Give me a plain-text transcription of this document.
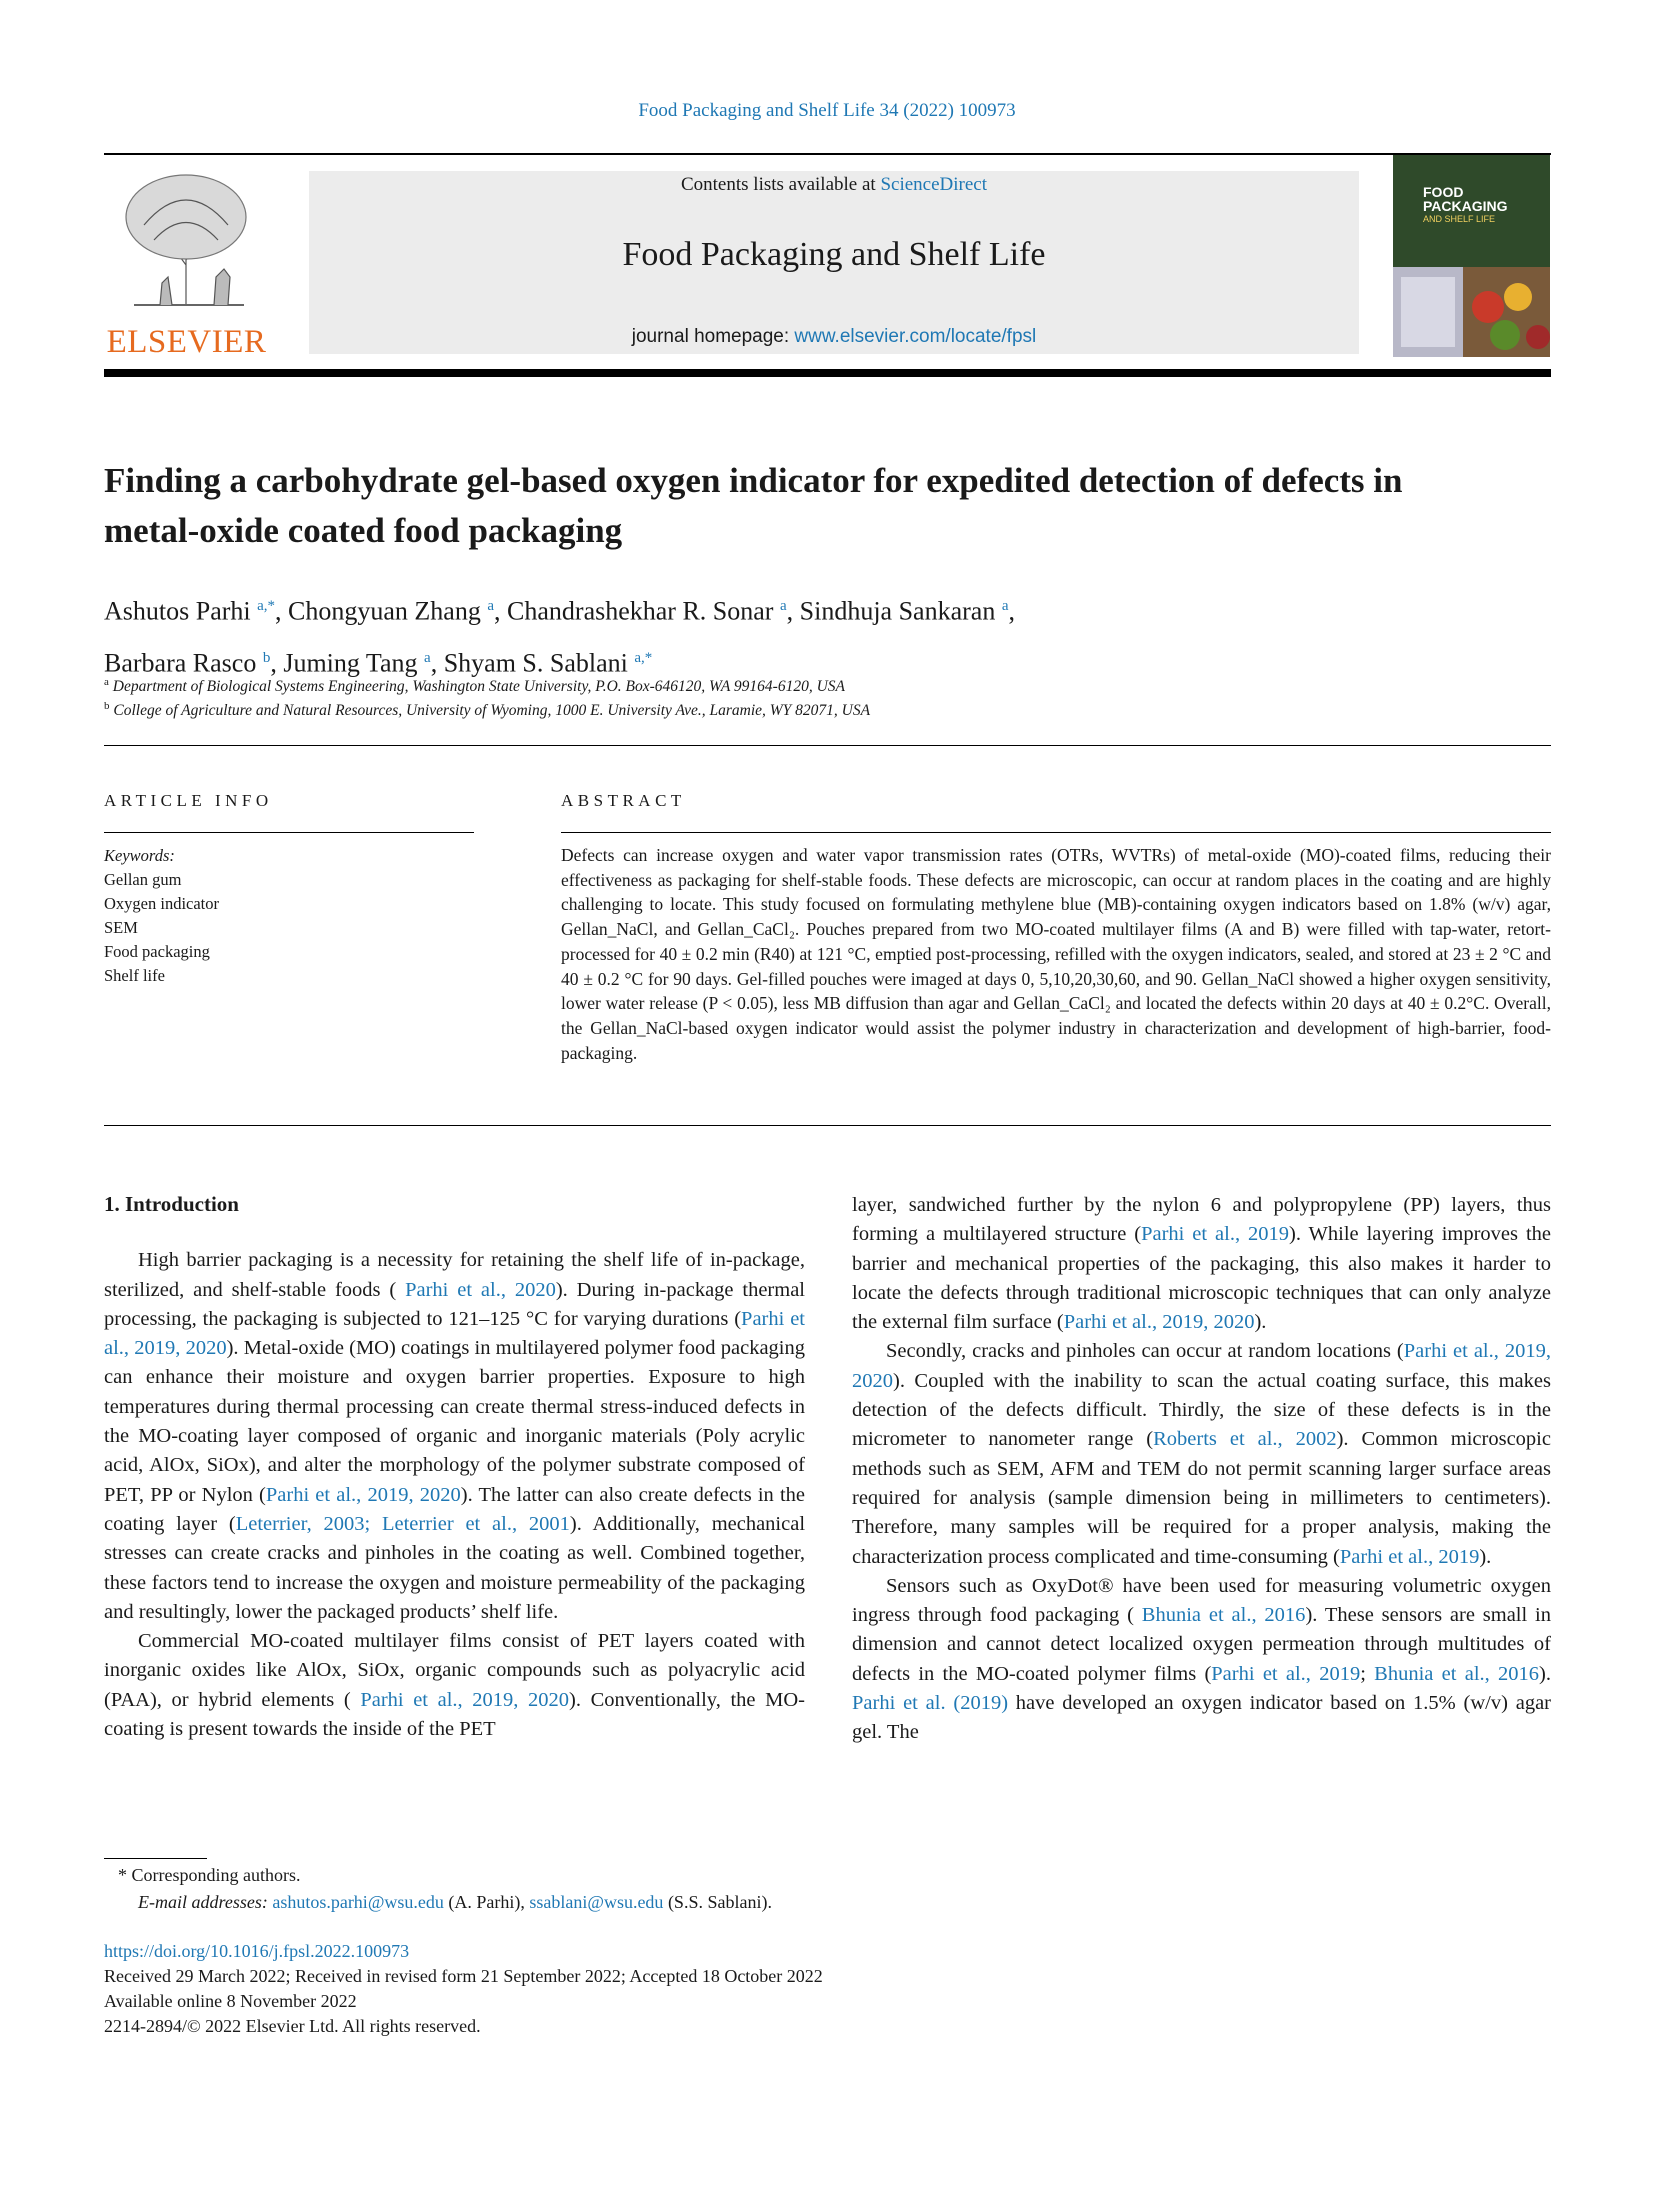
Food Packaging and Shelf Life 34 (2022) 100973
ELSEVIER
Contents lists available at ScienceDirect
Food Packaging and Shelf Life
journal homepage: www.elsevier.com/locate/fpsl
FOOD PACKAGING
AND SHELF LIFE
Finding a carbohydrate gel-based oxygen indicator for expedited detection of defects in metal-oxide coated food packaging
Ashutos Parhi $^{a,*}$, Chongyuan Zhang $^a$, Chandrashekhar R. Sonar $^a$, Sindhuja Sankaran $^a$,
Barbara Rasco $^b$, Juming Tang $^a$, Shyam S. Sablani $^{a,*}$
$^a$ Department of Biological Systems Engineering, Washington State University, P.O. Box-646120, WA 99164-6120, USA
$^b$ College of Agriculture and Natural Resources, University of Wyoming, 1000 E. University Ave., Laramie, WY 82071, USA
ARTICLE INFO
Keywords:
Gellan gum
Oxygen indicator
SEM
Food packaging
Shelf life
ABSTRACT
Defects can increase oxygen and water vapor transmission rates (OTRs, WVTRs) of metal-oxide (MO)-coated films, reducing their effectiveness as packaging for shelf-stable foods. These defects are microscopic, can occur at random places in the coating and are highly challenging to locate. This study focused on formulating methylene blue (MB)-containing oxygen indicators based on 1.8% (w/v) agar, Gellan_NaCl, and Gellan_CaCl₂. Pouches prepared from two MO-coated multilayer films (A and B) were filled with tap-water, retort-processed for 40 ± 0.2 min (R40) at 121 °C, emptied post-processing, refilled with the oxygen indicators, sealed, and stored at 23 ± 2 °C and 40 ± 0.2 °C for 90 days. Gel-filled pouches were imaged at days 0, 5,10,20,30,60, and 90. Gellan_NaCl showed a higher oxygen sensitivity, lower water release (P < 0.05), less MB diffusion than agar and Gellan_CaCl₂ and located the defects within 20 days at 40 ± 0.2°C. Overall, the Gellan_NaCl-based oxygen indicator would assist the polymer industry in characterization and development of high-barrier, food-packaging.
1. Introduction

High barrier packaging is a necessity for retaining the shelf life of in-package, sterilized, and shelf-stable foods ( Parhi et al., 2020). During in-package thermal processing, the packaging is subjected to 121–125 °C for varying durations (Parhi et al., 2019, 2020). Metal-oxide (MO) coatings in multilayered polymer food packaging can enhance their moisture and oxygen barrier properties. Exposure to high temperatures during thermal processing can create thermal stress-induced defects in the MO-coating layer composed of organic and inorganic materials (Poly acrylic acid, AlOx, SiOx), and alter the morphology of the polymer substrate composed of PET, PP or Nylon (Parhi et al., 2019, 2020). The latter can also create defects in the coating layer (Leterrier, 2003; Leterrier et al., 2001). Additionally, mechanical stresses can create cracks and pinholes in the coating as well. Combined together, these factors tend to increase the oxygen and moisture permeability of the packaging and resultingly, lower the packaged products’ shelf life.

Commercial MO-coated multilayer films consist of PET layers coated with inorganic oxides like AlOx, SiOx, organic compounds such as polyacrylic acid (PAA), or hybrid elements ( Parhi et al., 2019, 2020). Conventionally, the MO-coating is present towards the inside of the PET

layer, sandwiched further by the nylon 6 and polypropylene (PP) layers, thus forming a multilayered structure (Parhi et al., 2019). While layering improves the barrier and mechanical properties of the packaging, this also makes it harder to locate the defects through traditional microscopic techniques that can only analyze the external film surface (Parhi et al., 2019, 2020).

Secondly, cracks and pinholes can occur at random locations (Parhi et al., 2019, 2020). Coupled with the inability to scan the actual coating surface, this makes detection of the defects difficult. Thirdly, the size of these defects is in the micrometer to nanometer range (Roberts et al., 2002). Common microscopic methods such as SEM, AFM and TEM do not permit scanning larger surface areas required for analysis (sample dimension being in millimeters to centimeters). Therefore, many samples will be required for a proper analysis, making the characterization process complicated and time-consuming (Parhi et al., 2019).

Sensors such as OxyDot® have been used for measuring volumetric oxygen ingress through food packaging ( Bhunia et al., 2016). These sensors are small in dimension and cannot detect localized oxygen permeation through multitudes of defects in the MO-coated polymer films (Parhi et al., 2019; Bhunia et al., 2016). Parhi et al. (2019) have developed an oxygen indicator based on 1.5% (w/v) agar gel. The

* Corresponding authors.
E-mail addresses: ashutos.parhi@wsu.edu (A. Parhi), ssablani@wsu.edu (S.S. Sablani).
https://doi.org/10.1016/j.fpsl.2022.100973
Received 29 March 2022; Received in revised form 21 September 2022; Accepted 18 October 2022
Available online 8 November 2022
2214-2894/© 2022 Elsevier Ltd. All rights reserved.
